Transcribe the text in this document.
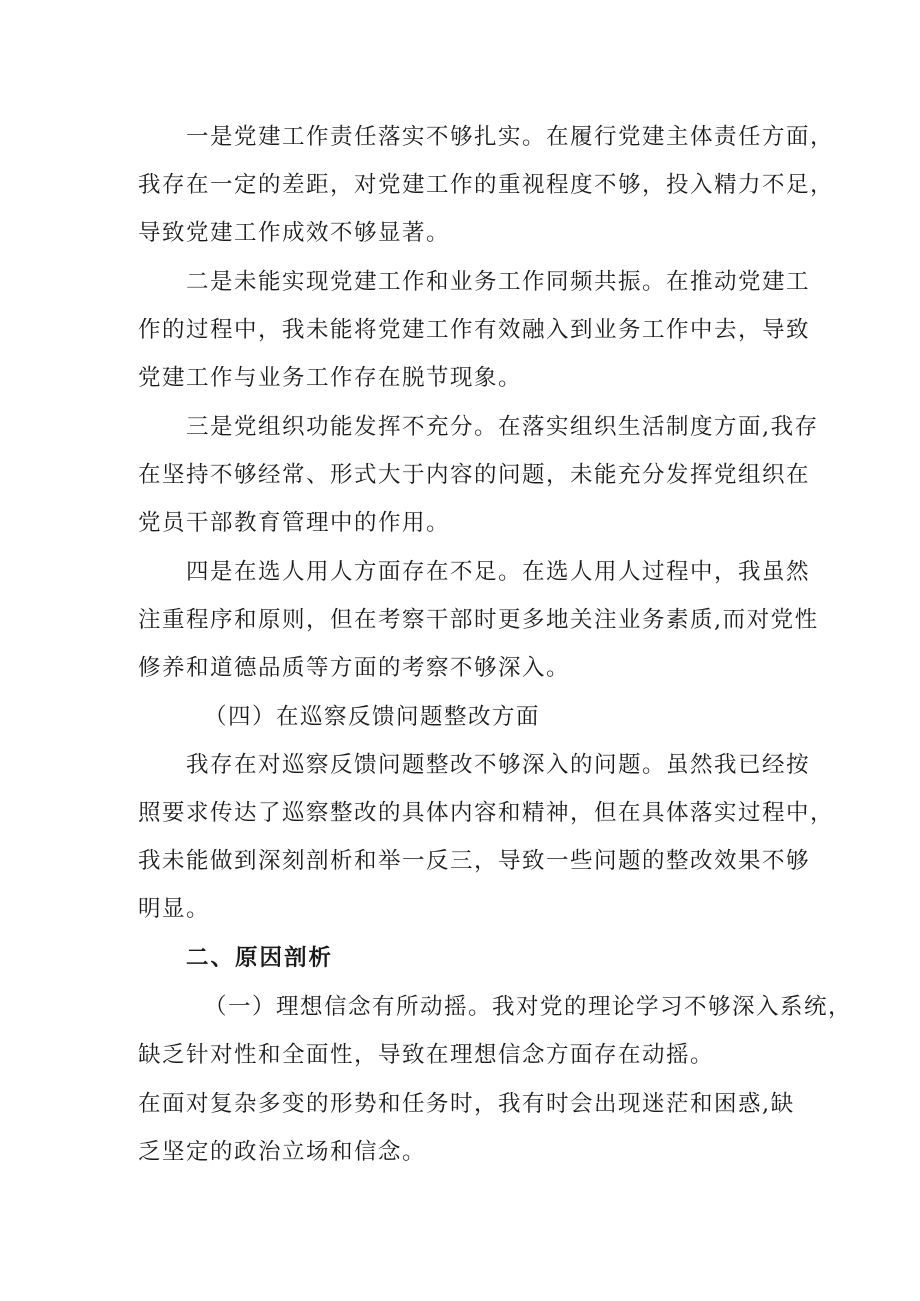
一是党建工作责任落实不够扎实。在履行党建主体责任方面，
我存在一定的差距，对党建工作的重视程度不够，投入精力不足，
导致党建工作成效不够显著。
二是未能实现党建工作和业务工作同频共振。在推动党建工
作的过程中，我未能将党建工作有效融入到业务工作中去，导致
党建工作与业务工作存在脱节现象。
三是党组织功能发挥不充分。在落实组织生活制度方面,我存
在坚持不够经常、形式大于内容的问题，未能充分发挥党组织在
党员干部教育管理中的作用。
四是在选人用人方面存在不足。在选人用人过程中，我虽然
注重程序和原则，但在考察干部时更多地关注业务素质,而对党性
修养和道德品质等方面的考察不够深入。
（四）在巡察反馈问题整改方面
我存在对巡察反馈问题整改不够深入的问题。虽然我已经按
照要求传达了巡察整改的具体内容和精神，但在具体落实过程中，
我未能做到深刻剖析和举一反三，导致一些问题的整改效果不够
明显。
二、原因剖析
（一）理想信念有所动摇。我对党的理论学习不够深入系统，
缺乏针对性和全面性，导致在理想信念方面存在动摇。
在面对复杂多变的形势和任务时，我有时会出现迷茫和困惑,缺
乏坚定的政治立场和信念。
